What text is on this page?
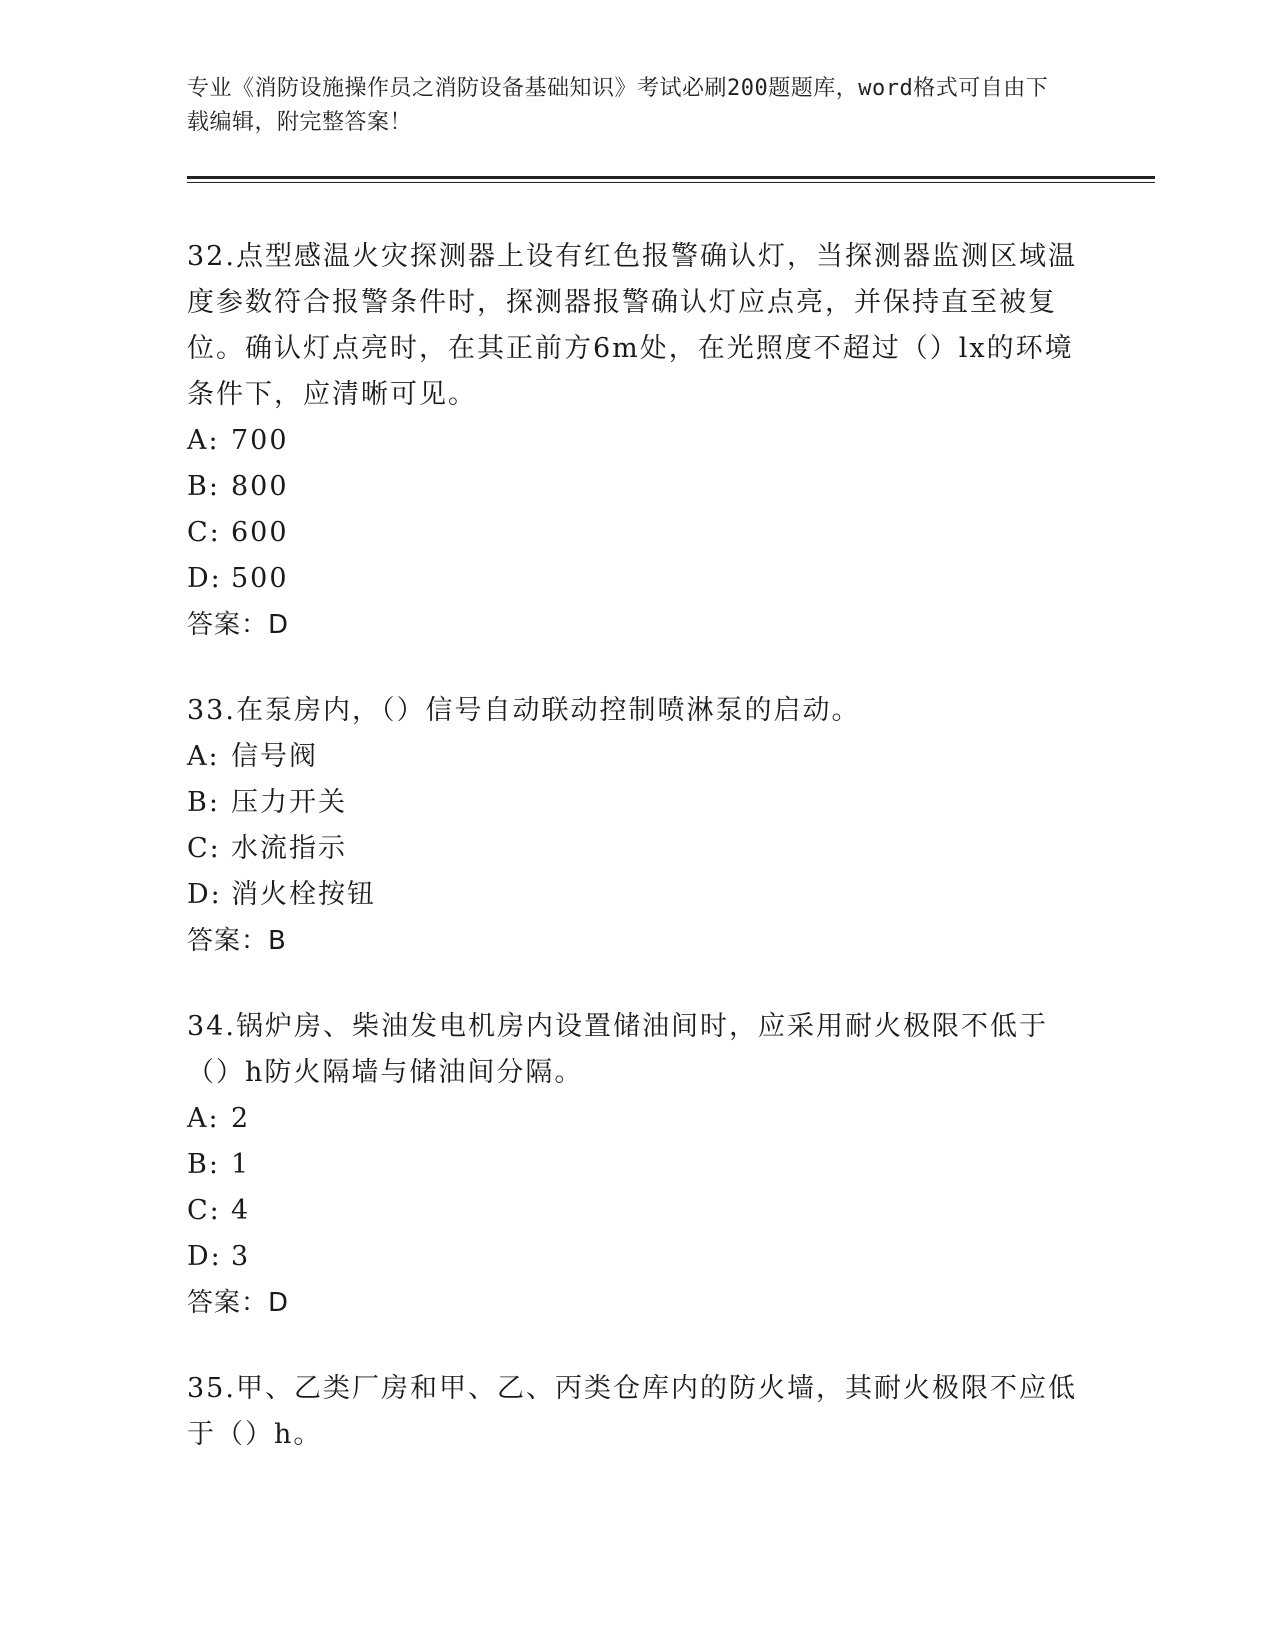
专业《消防设施操作员之消防设备基础知识》考试必刷200题题库，word格式可自由下载编辑，附完整答案！

32.点型感温火灾探测器上设有红色报警确认灯，当探测器监测区域温度参数符合报警条件时，探测器报警确认灯应点亮，并保持直至被复位。确认灯点亮时，在其正前方6m处，在光照度不超过（）lx的环境条件下，应清晰可见。

A: 700

B: 800

C: 600

D: 500

答案：D

33.在泵房内，（）信号自动联动控制喷淋泵的启动。

A: 信号阀

B: 压力开关

C: 水流指示

D: 消火栓按钮

答案：B

34.锅炉房、柴油发电机房内设置储油间时，应采用耐火极限不低于（）h防火隔墙与储油间分隔。

A: 2

B: 1

C: 4

D: 3

答案：D

35.甲、乙类厂房和甲、乙、丙类仓库内的防火墙，其耐火极限不应低于（）h。
